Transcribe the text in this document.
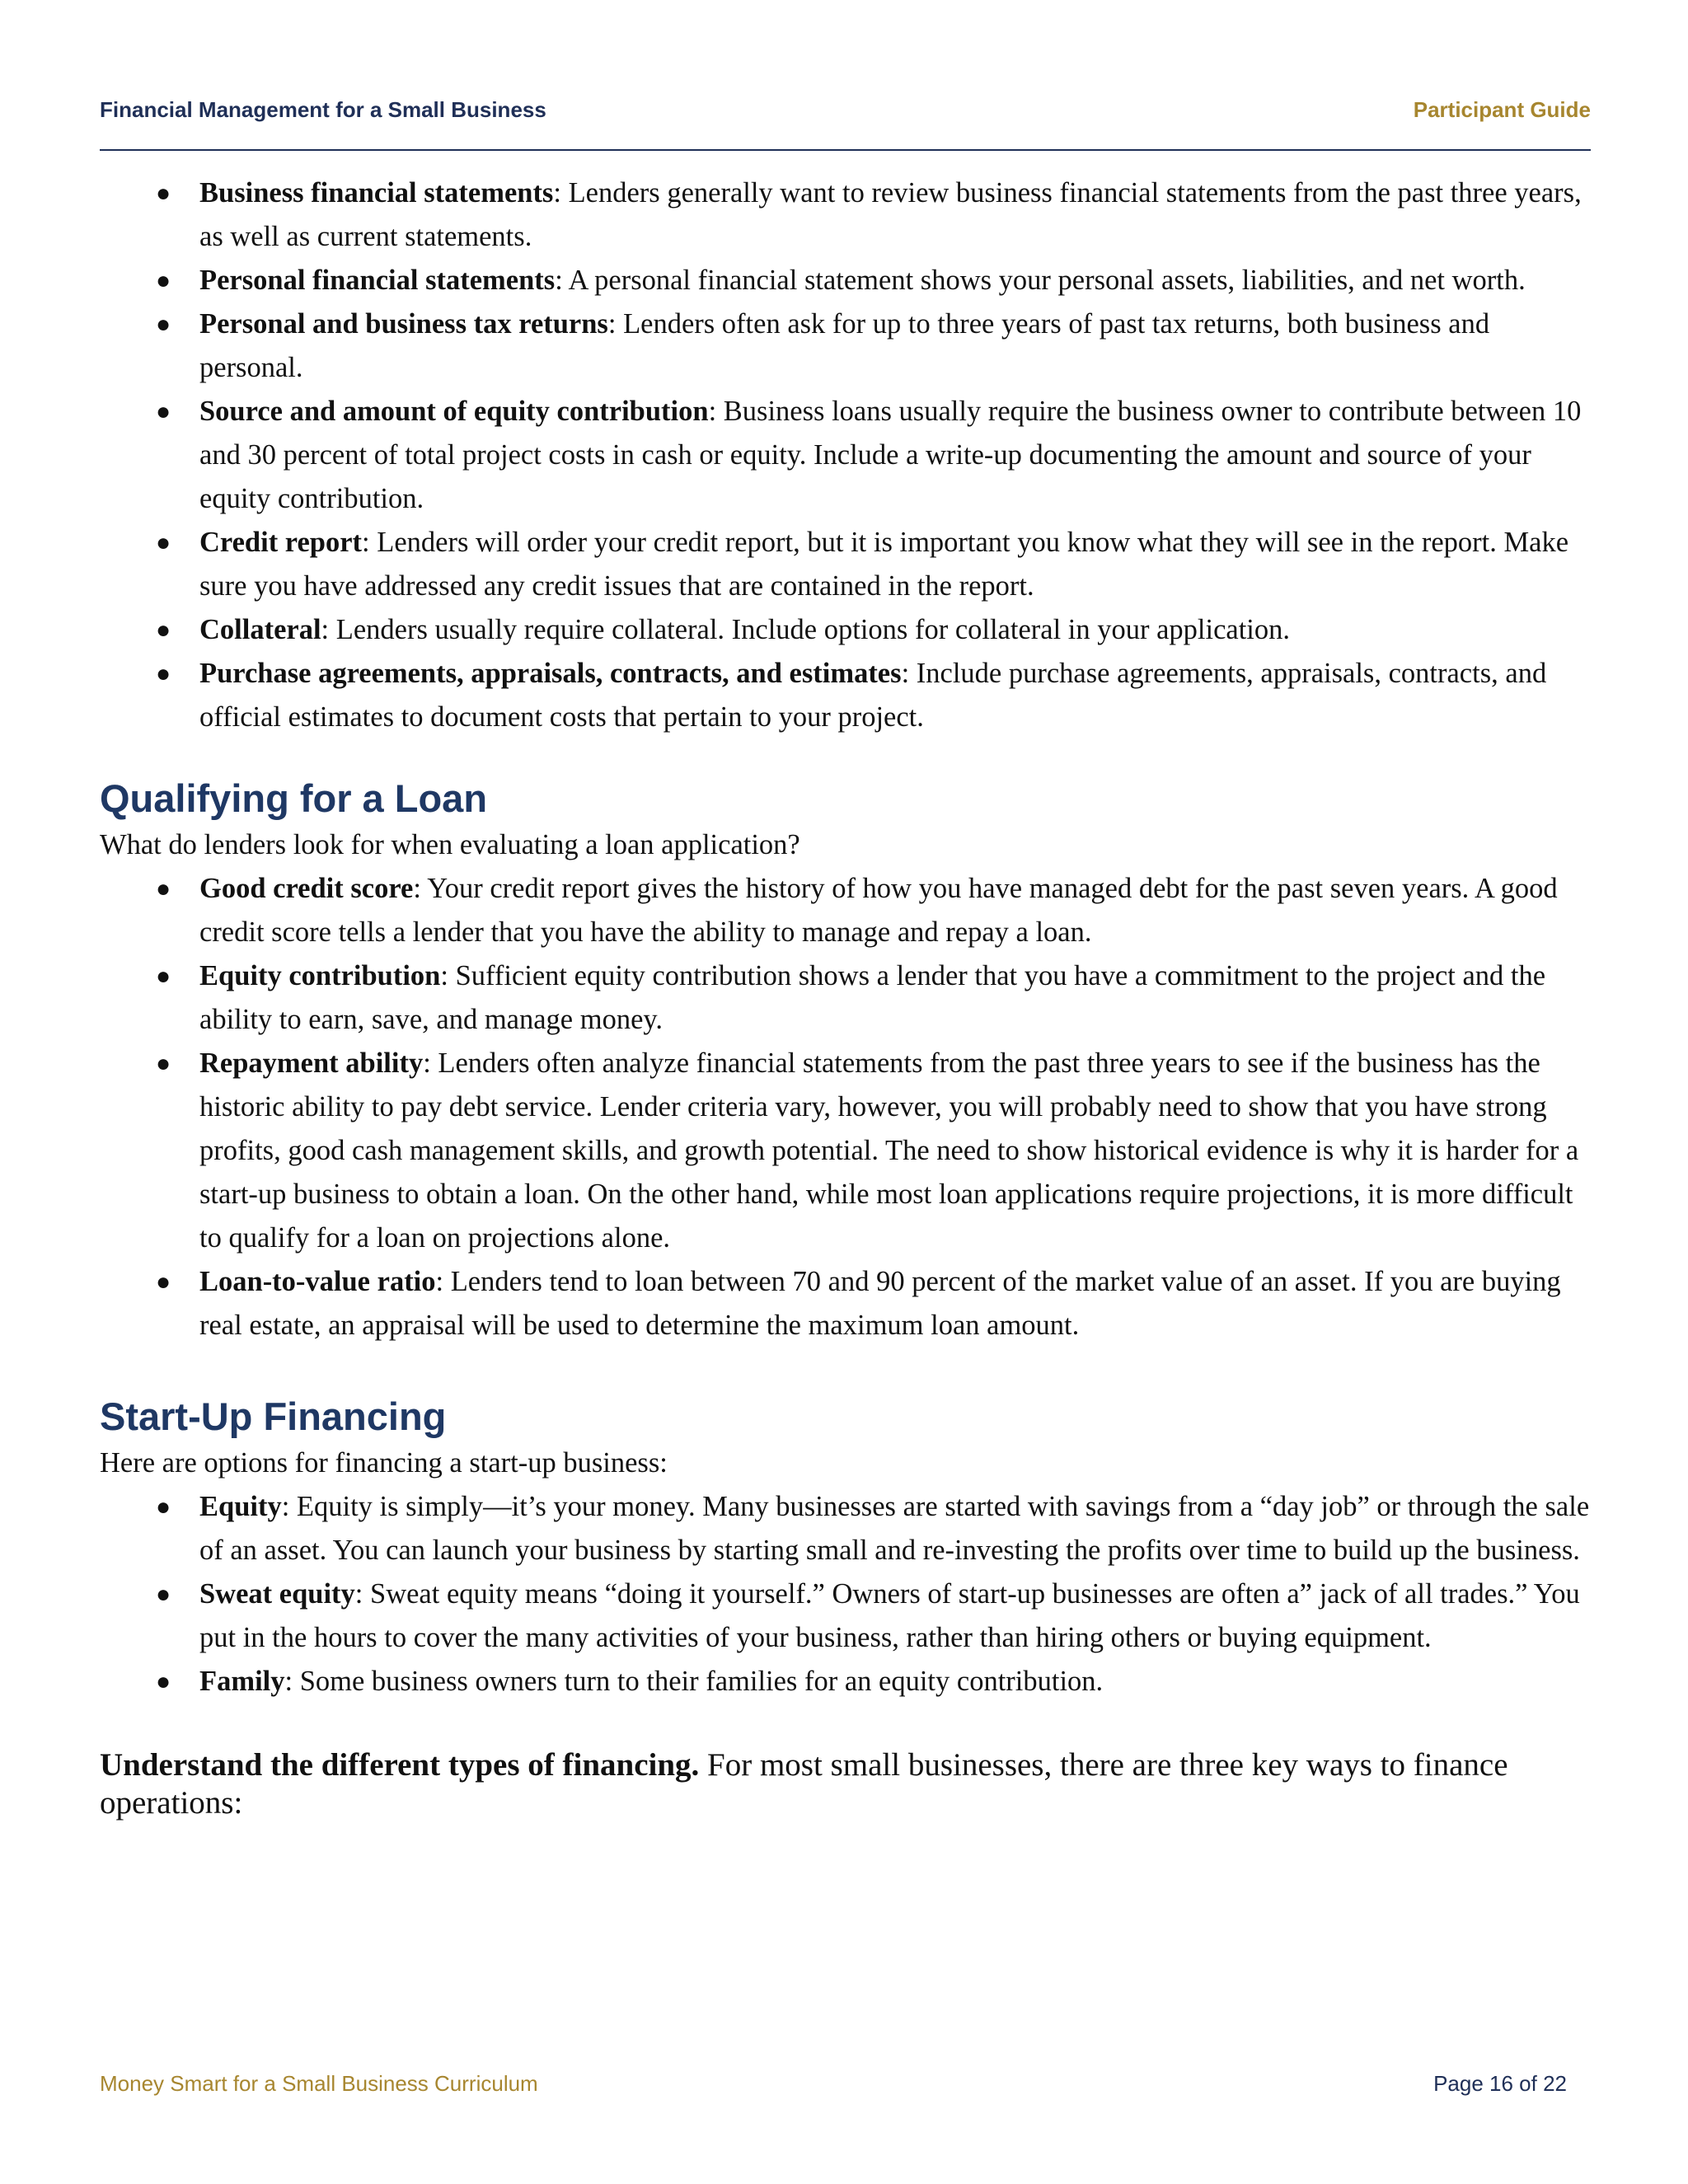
Financial Management for a Small Business	Participant Guide
● Business financial statements: Lenders generally want to review business financial statements from the past three years, as well as current statements.
● Personal financial statements: A personal financial statement shows your personal assets, liabilities, and net worth.
● Personal and business tax returns: Lenders often ask for up to three years of past tax returns, both business and personal.
● Source and amount of equity contribution: Business loans usually require the business owner to contribute between 10 and 30 percent of total project costs in cash or equity. Include a write-up documenting the amount and source of your equity contribution.
● Credit report: Lenders will order your credit report, but it is important you know what they will see in the report. Make sure you have addressed any credit issues that are contained in the report.
● Collateral: Lenders usually require collateral. Include options for collateral in your application.
● Purchase agreements, appraisals, contracts, and estimates: Include purchase agreements, appraisals, contracts, and official estimates to document costs that pertain to your project.
Qualifying for a Loan

What do lenders look for when evaluating a loan application?

● Good credit score: Your credit report gives the history of how you have managed debt for the past seven years. A good credit score tells a lender that you have the ability to manage and repay a loan.
● Equity contribution: Sufficient equity contribution shows a lender that you have a commitment to the project and the ability to earn, save, and manage money.
● Repayment ability: Lenders often analyze financial statements from the past three years to see if the business has the historic ability to pay debt service. Lender criteria vary, however, you will probably need to show that you have strong profits, good cash management skills, and growth potential. The need to show historical evidence is why it is harder for a start-up business to obtain a loan. On the other hand, while most loan applications require projections, it is more difficult to qualify for a loan on projections alone.
● Loan-to-value ratio: Lenders tend to loan between 70 and 90 percent of the market value of an asset. If you are buying real estate, an appraisal will be used to determine the maximum loan amount.
Start-Up Financing

Here are options for financing a start-up business:

● Equity: Equity is simply—it’s your money. Many businesses are started with savings from a “day job” or through the sale of an asset. You can launch your business by starting small and re-investing the profits over time to build up the business.
● Sweat equity: Sweat equity means “doing it yourself.” Owners of start-up businesses are often a” jack of all trades.” You put in the hours to cover the many activities of your business, rather than hiring others or buying equipment.
● Family: Some business owners turn to their families for an equity contribution.

Understand the different types of financing. For most small businesses, there are three key ways to finance operations:

Money Smart for a Small Business Curriculum	Page 16 of 22
